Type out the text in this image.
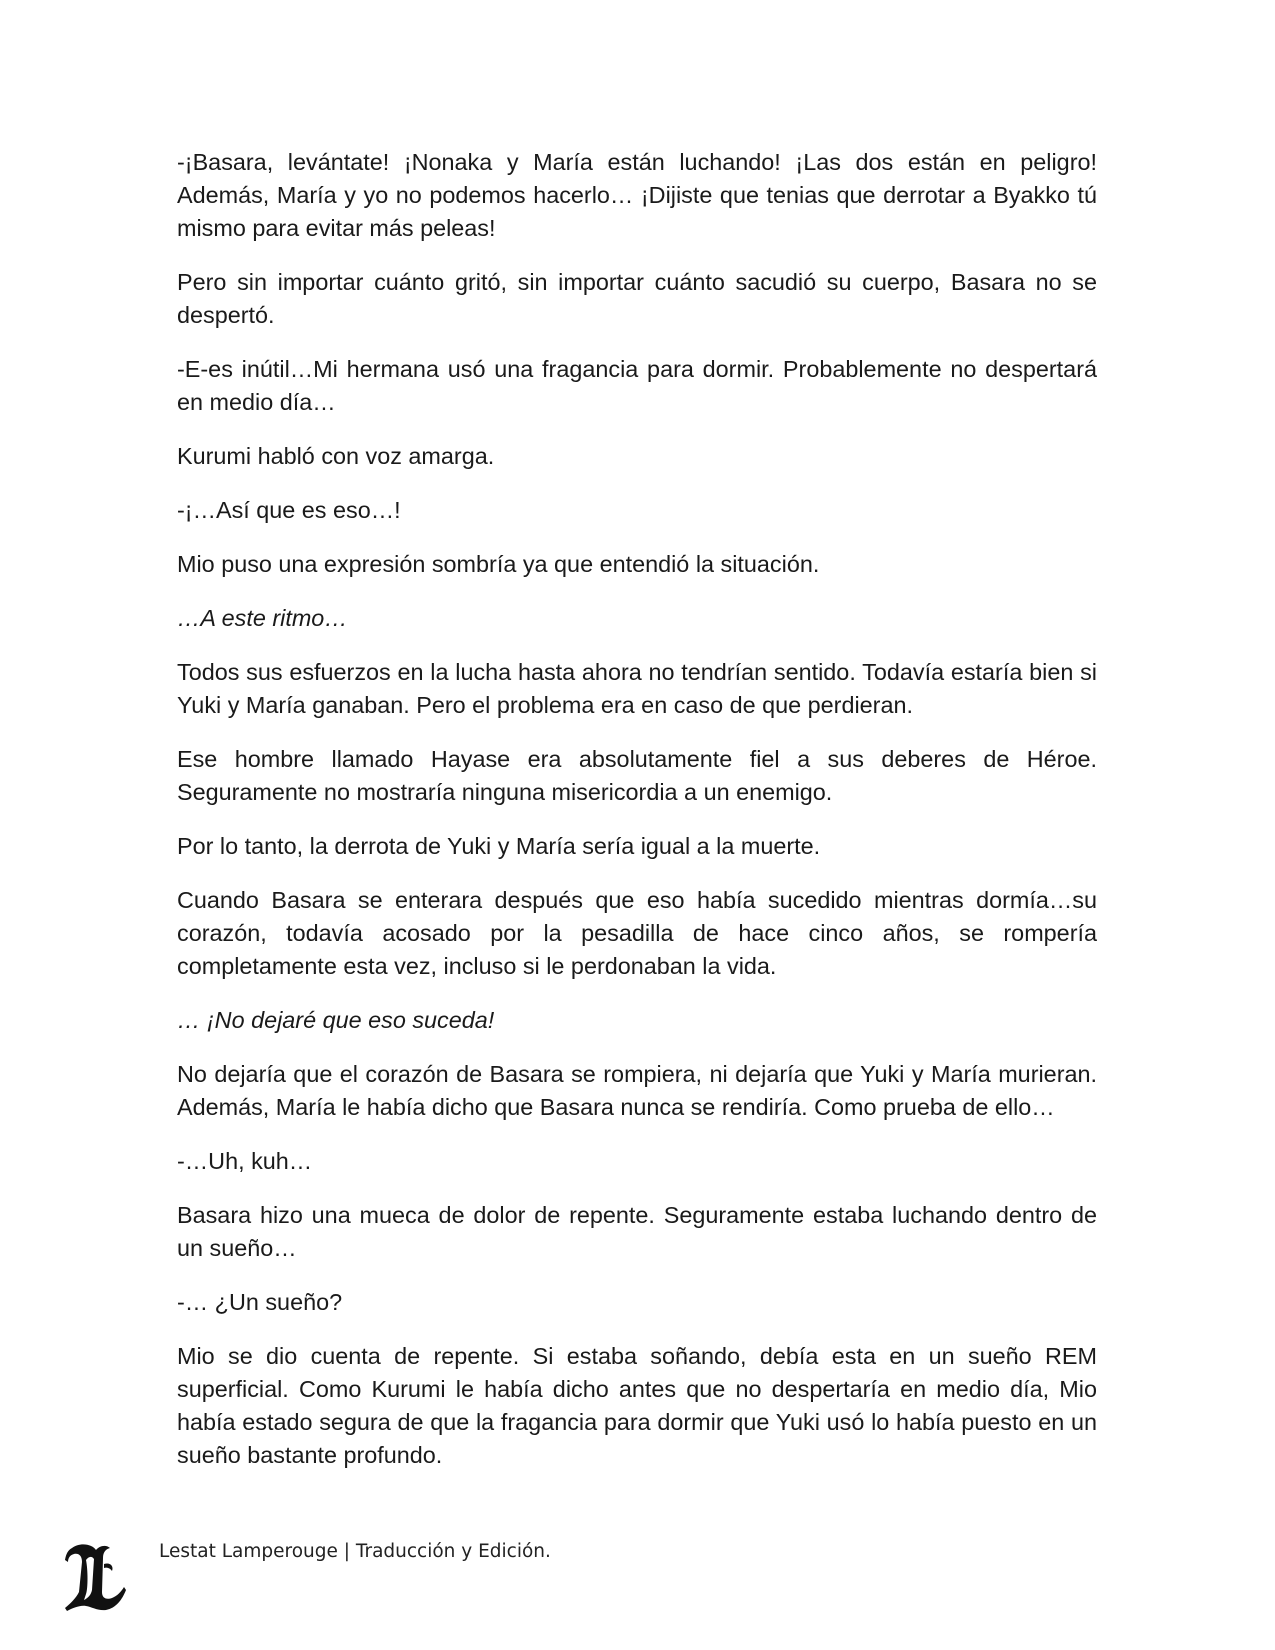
-¡Basara, levántate! ¡Nonaka y María están luchando! ¡Las dos están en peligro! Además, María y yo no podemos hacerlo… ¡Dijiste que tenias que derrotar a Byakko tú mismo para evitar más peleas!

Pero sin importar cuánto gritó, sin importar cuánto sacudió su cuerpo, Basara no se despertó.

-E-es inútil…Mi hermana usó una fragancia para dormir. Probablemente no despertará en medio día…

Kurumi habló con voz amarga.

-¡…Así que es eso…!

Mio puso una expresión sombría ya que entendió la situación.

…A este ritmo…

Todos sus esfuerzos en la lucha hasta ahora no tendrían sentido. Todavía estaría bien si Yuki y María ganaban. Pero el problema era en caso de que perdieran.

Ese hombre llamado Hayase era absolutamente fiel a sus deberes de Héroe. Seguramente no mostraría ninguna misericordia a un enemigo.

Por lo tanto, la derrota de Yuki y María sería igual a la muerte.

Cuando Basara se enterara después que eso había sucedido mientras dormía…su corazón, todavía acosado por la pesadilla de hace cinco años, se rompería completamente esta vez, incluso si le perdonaban la vida.

… ¡No dejaré que eso suceda!

No dejaría que el corazón de Basara se rompiera, ni dejaría que Yuki y María murieran. Además, María le había dicho que Basara nunca se rendiría. Como prueba de ello…

-…Uh, kuh…

Basara hizo una mueca de dolor de repente. Seguramente estaba luchando dentro de un sueño…

-… ¿Un sueño?

Mio se dio cuenta de repente. Si estaba soñando, debía esta en un sueño REM superficial. Como Kurumi le había dicho antes que no despertaría en medio día, Mio había estado segura de que la fragancia para dormir que Yuki usó lo había puesto en un sueño bastante profundo.

Lestat Lamperouge | Traducción y Edición.
